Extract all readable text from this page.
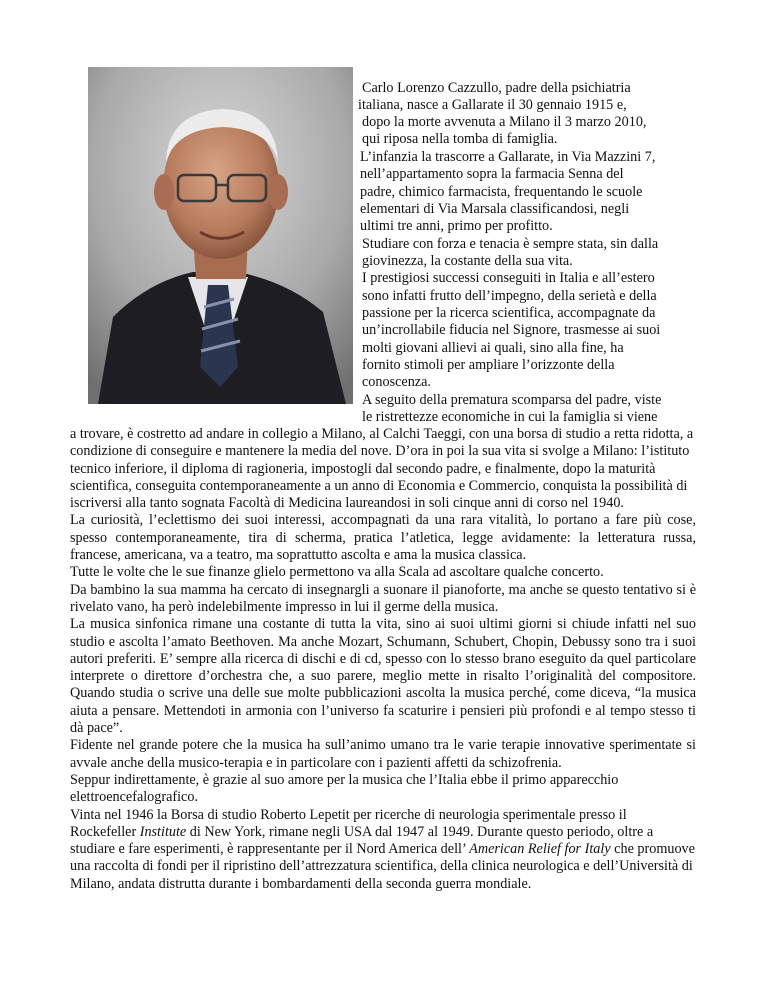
Carlo Lorenzo Cazzullo, padre della psichiatria
italiana, nasce a Gallarate il 30 gennaio 1915 e,
dopo la morte avvenuta a Milano il 3 marzo 2010,
qui riposa nella tomba di famiglia.
L’infanzia la trascorre a Gallarate, in Via Mazzini 7,
nell’appartamento sopra la farmacia Senna del
padre, chimico farmacista, frequentando le scuole
elementari di Via Marsala classificandosi, negli
ultimi tre anni, primo per profitto.
Studiare con forza e tenacia è sempre stata, sin dalla
giovinezza, la costante della sua vita.
I prestigiosi successi conseguiti in Italia e all’estero
sono infatti frutto dell’impegno, della serietà e della
passione per la ricerca scientifica, accompagnate da
un’incrollabile fiducia nel Signore, trasmesse ai suoi
molti giovani allievi ai quali, sino alla fine, ha
fornito stimoli per ampliare l’orizzonte della
conoscenza.
A seguito della prematura scomparsa del padre, viste
le ristrettezze economiche in cui la famiglia si viene

a trovare, è costretto ad andare in collegio a Milano, al Calchi Taeggi, con una borsa di studio a retta ridotta, a condizione di conseguire e mantenere la media del nove. D’ora in poi la sua vita si svolge a Milano: l’istituto tecnico inferiore, il diploma di ragioneria, impostogli dal secondo padre, e finalmente, dopo la maturità scientifica, conseguita contemporaneamente a un anno di Economia e Commercio, conquista la possibilità di iscriversi alla tanto sognata Facoltà di Medicina laureandosi in soli cinque anni di corso nel 1940.

La curiosità, l’eclettismo dei suoi interessi, accompagnati da una rara vitalità, lo portano a fare più cose, spesso contemporaneamente, tira di scherma, pratica l’atletica, legge avidamente: la letteratura russa, francese, americana, va a teatro, ma soprattutto ascolta e ama la musica classica.

Tutte le volte che le sue finanze glielo permettono va alla Scala ad ascoltare qualche concerto.

Da bambino la sua mamma ha cercato di insegnargli a suonare il pianoforte, ma anche se questo tentativo si è rivelato vano, ha però indelebilmente impresso in lui il germe della musica.

La musica sinfonica rimane una costante di tutta la vita, sino ai suoi ultimi giorni si chiude infatti nel suo studio e ascolta l’amato Beethoven. Ma anche Mozart, Schumann, Schubert, Chopin, Debussy sono tra i suoi autori preferiti. E’ sempre alla ricerca di dischi e di cd, spesso con lo stesso brano eseguito da quel particolare interprete o direttore d’orchestra che, a suo parere, meglio mette in risalto l’originalità del compositore. Quando studia o scrive una delle sue molte pubblicazioni ascolta la musica perché, come diceva, “la musica aiuta a pensare. Mettendoti in armonia con l’universo fa scaturire i pensieri più profondi e al tempo stesso ti dà pace”.

Fidente nel grande potere che la musica ha sull’animo umano tra le varie terapie innovative sperimentate si avvale anche della musico-terapia e in particolare con i pazienti affetti da schizofrenia.

Seppur indirettamente, è grazie al suo amore per la musica che l’Italia ebbe il primo apparecchio elettroencefalografico.

Vinta nel 1946 la Borsa di studio Roberto Lepetit per ricerche di neurologia sperimentale presso il Rockefeller Institute di New York, rimane negli USA dal 1947 al 1949. Durante questo periodo, oltre a studiare e fare esperimenti, è rappresentante per il Nord America dell’ American Relief for Italy che promuove una raccolta di fondi per il ripristino dell’attrezzatura scientifica, della clinica neurologica e dell’Università di Milano, andata distrutta durante i bombardamenti della seconda guerra mondiale.
